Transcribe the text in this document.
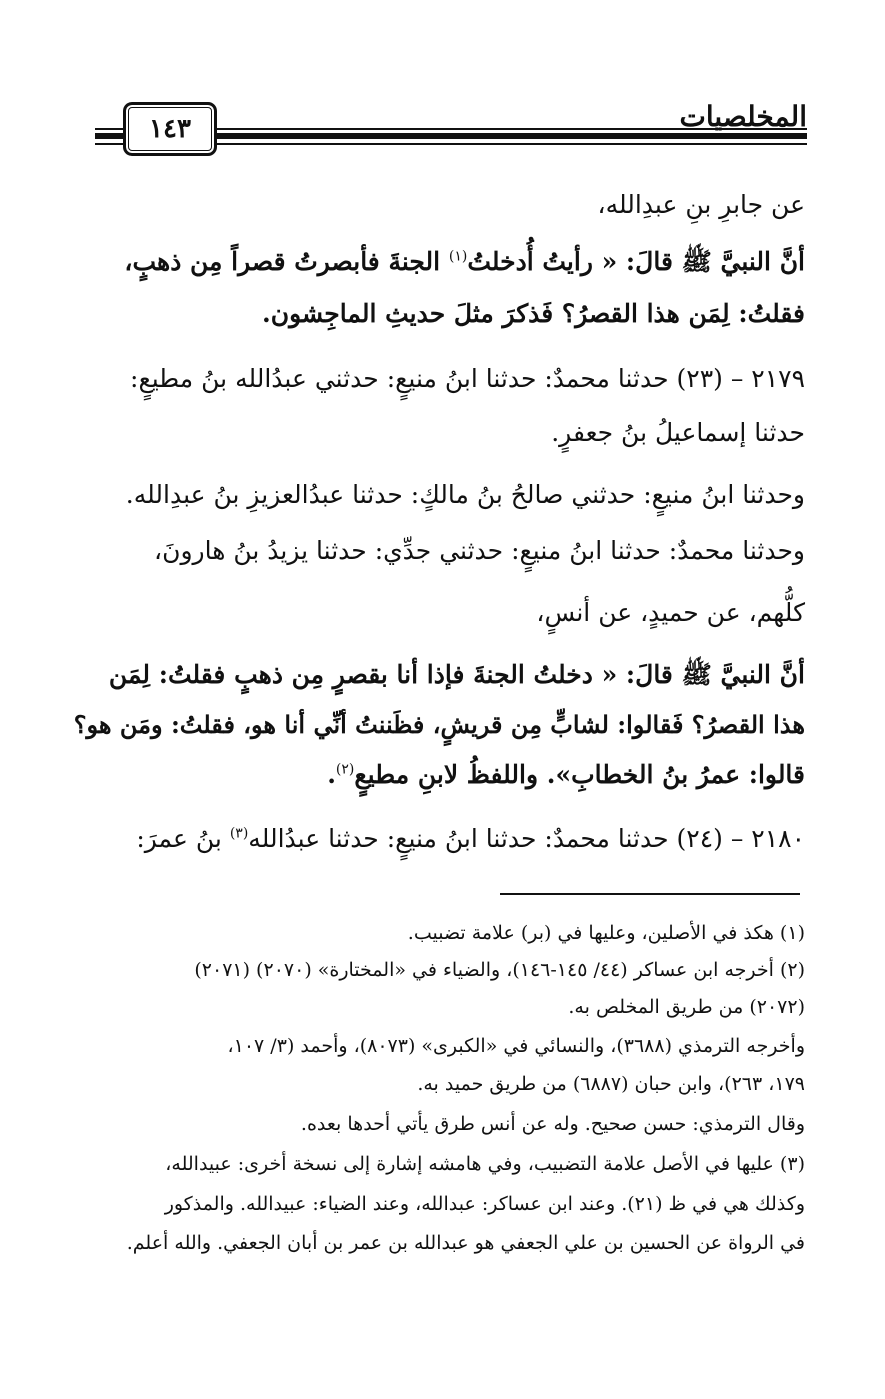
المخلصيات
١٤٣
عن جابرِ بنِ عبدِالله،
أنَّ النبيَّ ﷺ قالَ: « رأيتُ أُدخلتُ$^{(١)}$ الجنةَ فأبصرتُ قصراً مِن ذهبٍ،
فقلتُ: لِمَن هذا القصرُ؟ فَذكرَ مثلَ حديثِ الماجِشون.
٢١٧٩ – (٢٣) حدثنا محمدٌ: حدثنا ابنُ منيعٍ: حدثني عبدُالله بنُ مطيعٍ:
حدثنا إسماعيلُ بنُ جعفرٍ.
وحدثنا ابنُ منيعٍ: حدثني صالحُ بنُ مالكٍ: حدثنا عبدُالعزيزِ بنُ عبدِالله.
وحدثنا محمدٌ: حدثنا ابنُ منيعٍ: حدثني جدِّي: حدثنا يزيدُ بنُ هارونَ،
كلُّهم، عن حميدٍ، عن أنسٍ،
أنَّ النبيَّ ﷺ قالَ: « دخلتُ الجنةَ فإذا أنا بقصرٍ مِن ذهبٍ فقلتُ: لِمَن
هذا القصرُ؟ فَقالوا: لشابٍّ مِن قريشٍ، فظَننتُ أنِّي أنا هو، فقلتُ: ومَن هو؟
قالوا: عمرُ بنُ الخطابِ». واللفظُ لابنِ مطيعٍ$^{(٢)}$.
٢١٨٠ – (٢٤) حدثنا محمدٌ: حدثنا ابنُ منيعٍ: حدثنا عبدُالله$^{(٣)}$ بنُ عمرَ:
(١) هكذ في الأصلين، وعليها في (بر) علامة تضبيب.
(٢) أخرجه ابن عساكر (٤٤/ ١٤٥-١٤٦)، والضياء في «المختارة» (٢٠٧٠) (٢٠٧١)
(٢٠٧٢) من طريق المخلص به.
وأخرجه الترمذي (٣٦٨٨)، والنسائي في «الكبرى» (٨٠٧٣)، وأحمد (٣/ ١٠٧،
١٧٩، ٢٦٣)، وابن حبان (٦٨٨٧) من طريق حميد به.
وقال الترمذي: حسن صحيح. وله عن أنس طرق يأتي أحدها بعده.
(٣) عليها في الأصل علامة التضبيب، وفي هامشه إشارة إلى نسخة أخرى: عبيدالله،
وكذلك هي في ظ (٢١). وعند ابن عساكر: عبدالله، وعند الضياء: عبيدالله. والمذكور
في الرواة عن الحسين بن علي الجعفي هو عبدالله بن عمر بن أبان الجعفي. والله أعلم.
